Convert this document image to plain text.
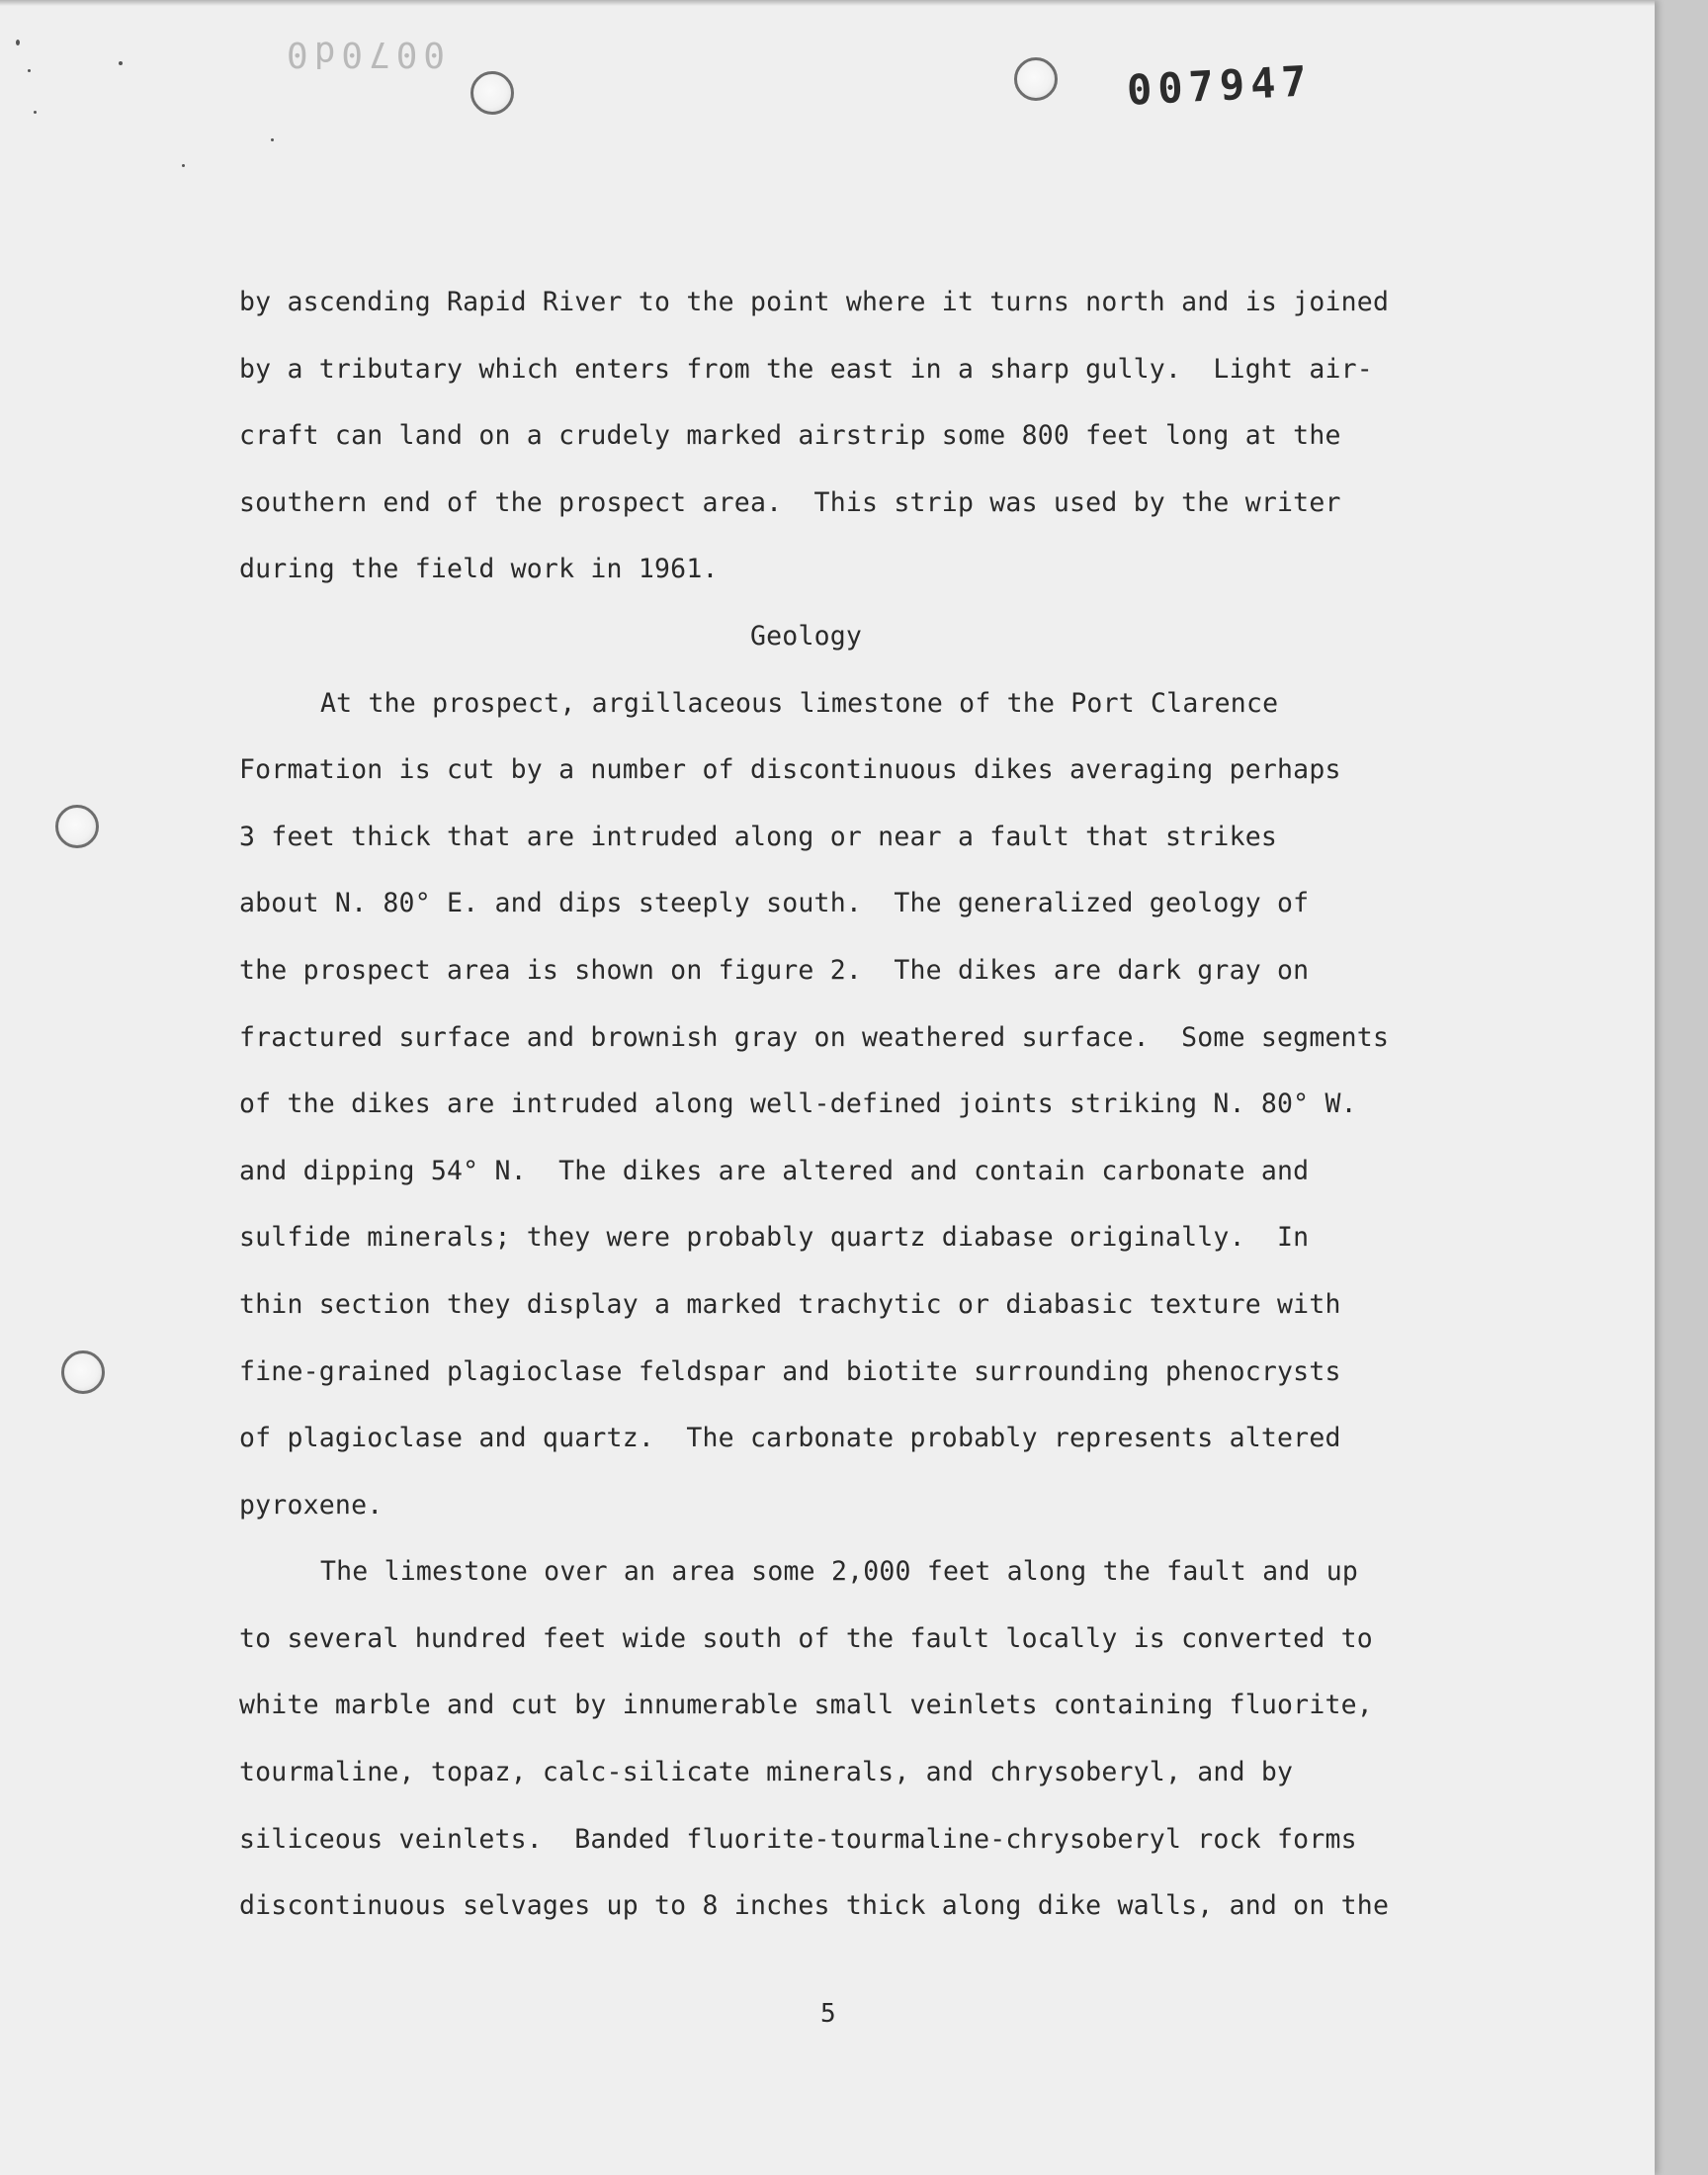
0070d0
007947
by ascending Rapid River to the point where it turns north and is joined
by a tributary which enters from the east in a sharp gully.  Light air-
craft can land on a crudely marked airstrip some 800 feet long at the
southern end of the prospect area.  This strip was used by the writer
during the field work in 1961.
Geology
At the prospect, argillaceous limestone of the Port Clarence
Formation is cut by a number of discontinuous dikes averaging perhaps
3 feet thick that are intruded along or near a fault that strikes
about N. 80° E. and dips steeply south.  The generalized geology of
the prospect area is shown on figure 2.  The dikes are dark gray on
fractured surface and brownish gray on weathered surface.  Some segments
of the dikes are intruded along well-defined joints striking N. 80° W.
and dipping 54° N.  The dikes are altered and contain carbonate and
sulfide minerals; they were probably quartz diabase originally.  In
thin section they display a marked trachytic or diabasic texture with
fine-grained plagioclase feldspar and biotite surrounding phenocrysts
of plagioclase and quartz.  The carbonate probably represents altered
pyroxene.
The limestone over an area some 2,000 feet along the fault and up
to several hundred feet wide south of the fault locally is converted to
white marble and cut by innumerable small veinlets containing fluorite,
tourmaline, topaz, calc-silicate minerals, and chrysoberyl, and by
siliceous veinlets.  Banded fluorite-tourmaline-chrysoberyl rock forms
discontinuous selvages up to 8 inches thick along dike walls, and on the
5
